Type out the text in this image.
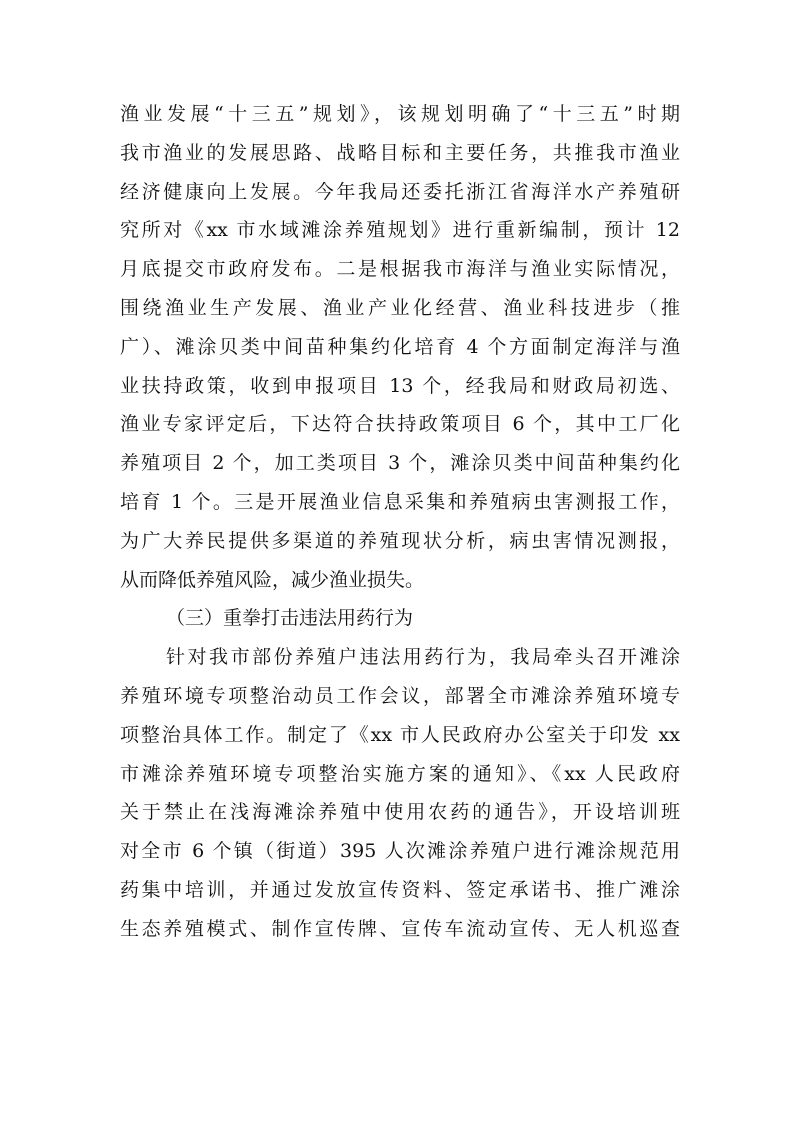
渔业发展“十三五”规划》，该规划明确了“十三五”时期
我市渔业的发展思路、战略目标和主要任务，共推我市渔业
经济健康向上发展。今年我局还委托浙江省海洋水产养殖研
究所对《xx 市水域滩涂养殖规划》进行重新编制，预计 12
月底提交市政府发布。二是根据我市海洋与渔业实际情况，
围绕渔业生产发展、渔业产业化经营、渔业科技进步（推
广）、滩涂贝类中间苗种集约化培育 4 个方面制定海洋与渔
业扶持政策，收到申报项目 13 个，经我局和财政局初选、
渔业专家评定后，下达符合扶持政策项目 6 个，其中工厂化
养殖项目 2 个，加工类项目 3 个，滩涂贝类中间苗种集约化
培育 1 个。三是开展渔业信息采集和养殖病虫害测报工作，
为广大养民提供多渠道的养殖现状分析，病虫害情况测报，
从而降低养殖风险，减少渔业损失。
（三）重拳打击违法用药行为
针对我市部份养殖户违法用药行为，我局牵头召开滩涂
养殖环境专项整治动员工作会议，部署全市滩涂养殖环境专
项整治具体工作。制定了《xx 市人民政府办公室关于印发 xx
市滩涂养殖环境专项整治实施方案的通知》、《xx 人民政府
关于禁止在浅海滩涂养殖中使用农药的通告》，开设培训班
对全市 6 个镇（街道）395 人次滩涂养殖户进行滩涂规范用
药集中培训，并通过发放宣传资料、签定承诺书、推广滩涂
生态养殖模式、制作宣传牌、宣传车流动宣传、无人机巡查
